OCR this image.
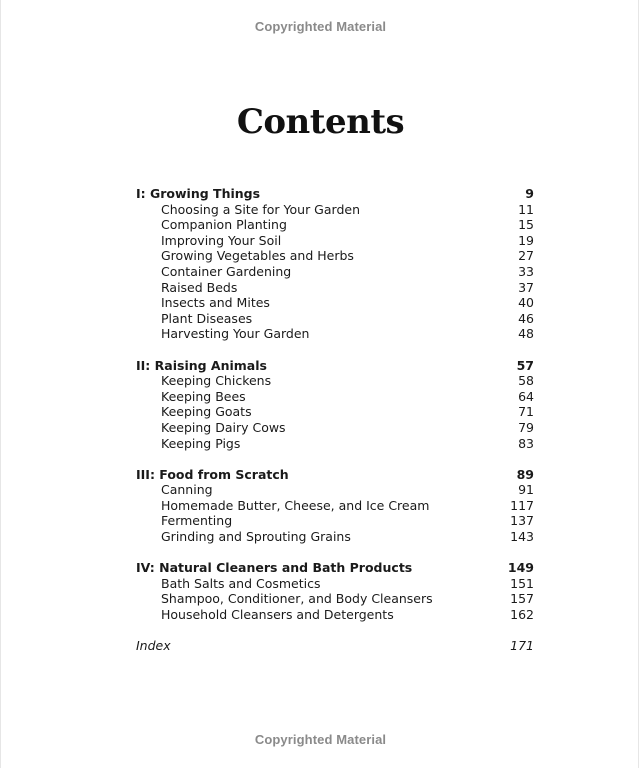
Copyrighted Material
Contents
I: Growing Things	9
Choosing a Site for Your Garden	11
Companion Planting	15
Improving Your Soil	19
Growing Vegetables and Herbs	27
Container Gardening	33
Raised Beds	37
Insects and Mites	40
Plant Diseases	46
Harvesting Your Garden	48
II: Raising Animals	57
Keeping Chickens	58
Keeping Bees	64
Keeping Goats	71
Keeping Dairy Cows	79
Keeping Pigs	83
III: Food from Scratch	89
Canning	91
Homemade Butter, Cheese, and Ice Cream	117
Fermenting	137
Grinding and Sprouting Grains	143
IV: Natural Cleaners and Bath Products	149
Bath Salts and Cosmetics	151
Shampoo, Conditioner, and Body Cleansers	157
Household Cleansers and Detergents	162
Index	171
Copyrighted Material
